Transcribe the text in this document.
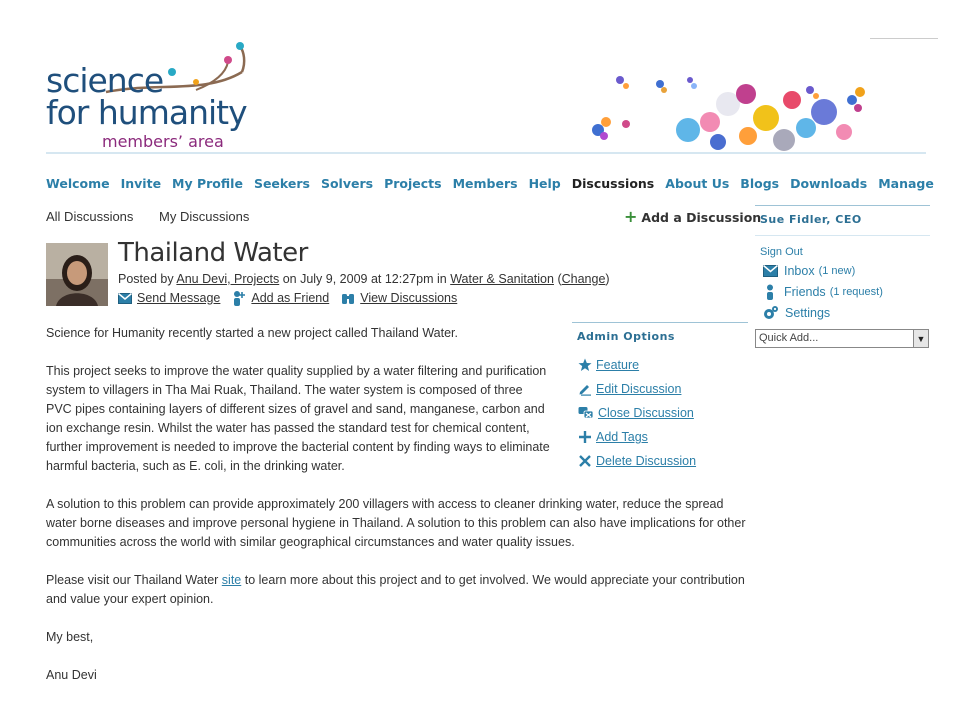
science
for humanity
members’ area
Welcome Invite My Profile Seekers Solvers Projects Members Help Discussions About Us Blogs Downloads Manage
All Discussions My Discussions	+ Add a Discussion
Thailand Water
Posted by Anu Devi, Projects on July 9, 2009 at 12:27pm in Water & Sanitation (Change)
Send Message Add as Friend View Discussions

Science for Humanity recently started a new project called Thailand Water.

This project seeks to improve the water quality supplied by a water filtering and purification system to villagers in Tha Mai Ruak, Thailand. The water system is composed of three PVC pipes containing layers of different sizes of gravel and sand, manganese, carbon and ion exchange resin. Whilst the water has passed the standard test for chemical content, further improvement is needed to improve the bacterial content by finding ways to eliminate harmful bacteria, such as E. coli, in the drinking water.

A solution to this problem can provide approximately 200 villagers with access to cleaner drinking water, reduce the spread water borne diseases and improve personal hygiene in Thailand. A solution to this problem can also have implications for other communities across the world with similar geographical circumstances and water quality issues.

Please visit our Thailand Water site to learn more about this project and to get involved. We would appreciate your contribution and value your expert opinion.

My best,

Anu Devi

Admin Options
Feature
Edit Discussion
Close Discussion
Add Tags
Delete Discussion
Sue Fidler, CEO
Sign Out
Inbox (1 new)
Friends (1 request)
Settings
Quick Add...	▼
